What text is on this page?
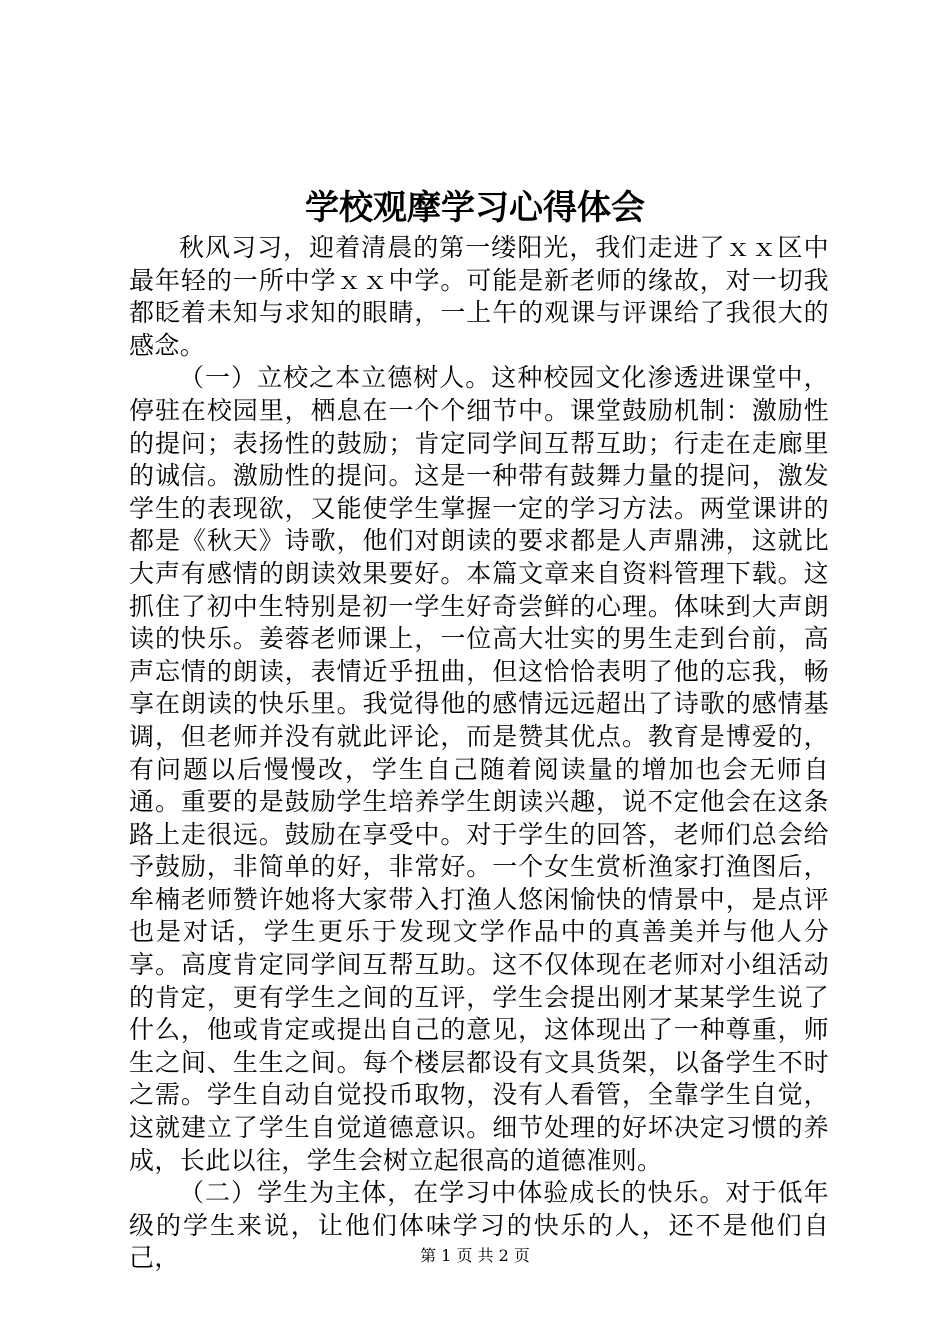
学校观摩学习心得体会

秋风习习，迎着清晨的第一缕阳光，我们走进了ｘｘ区中最年轻的一所中学ｘｘ中学。可能是新老师的缘故，对一切我都眨着未知与求知的眼睛，一上午的观课与评课给了我很大的感念。

（一）立校之本立德树人。这种校园文化渗透进课堂中，停驻在校园里，栖息在一个个细节中。课堂鼓励机制：激励性的提问；表扬性的鼓励；肯定同学间互帮互助；行走在走廊里的诚信。激励性的提问。这是一种带有鼓舞力量的提问，激发学生的表现欲，又能使学生掌握一定的学习方法。两堂课讲的都是《秋天》诗歌，他们对朗读的要求都是人声鼎沸，这就比大声有感情的朗读效果要好。本篇文章来自资料管理下载。这抓住了初中生特别是初一学生好奇尝鲜的心理。体味到大声朗读的快乐。姜蓉老师课上，一位高大壮实的男生走到台前，高声忘情的朗读，表情近乎扭曲，但这恰恰表明了他的忘我，畅享在朗读的快乐里。我觉得他的感情远远超出了诗歌的感情基调，但老师并没有就此评论，而是赞其优点。教育是博爱的，有问题以后慢慢改，学生自己随着阅读量的增加也会无师自通。重要的是鼓励学生培养学生朗读兴趣，说不定他会在这条路上走很远。鼓励在享受中。对于学生的回答，老师们总会给予鼓励，非简单的好，非常好。一个女生赏析渔家打渔图后，牟楠老师赞许她将大家带入打渔人悠闲愉快的情景中，是点评也是对话，学生更乐于发现文学作品中的真善美并与他人分享。高度肯定同学间互帮互助。这不仅体现在老师对小组活动的肯定，更有学生之间的互评，学生会提出刚才某某学生说了什么，他或肯定或提出自己的意见，这体现出了一种尊重，师生之间、生生之间。每个楼层都设有文具货架，以备学生不时之需。学生自动自觉投币取物，没有人看管，全靠学生自觉，这就建立了学生自觉道德意识。细节处理的好坏决定习惯的养成，长此以往，学生会树立起很高的道德准则。

（二）学生为主体，在学习中体验成长的快乐。对于低年级的学生来说，让他们体味学习的快乐的人，还不是他们自己，	第 1 页 共 2 页
